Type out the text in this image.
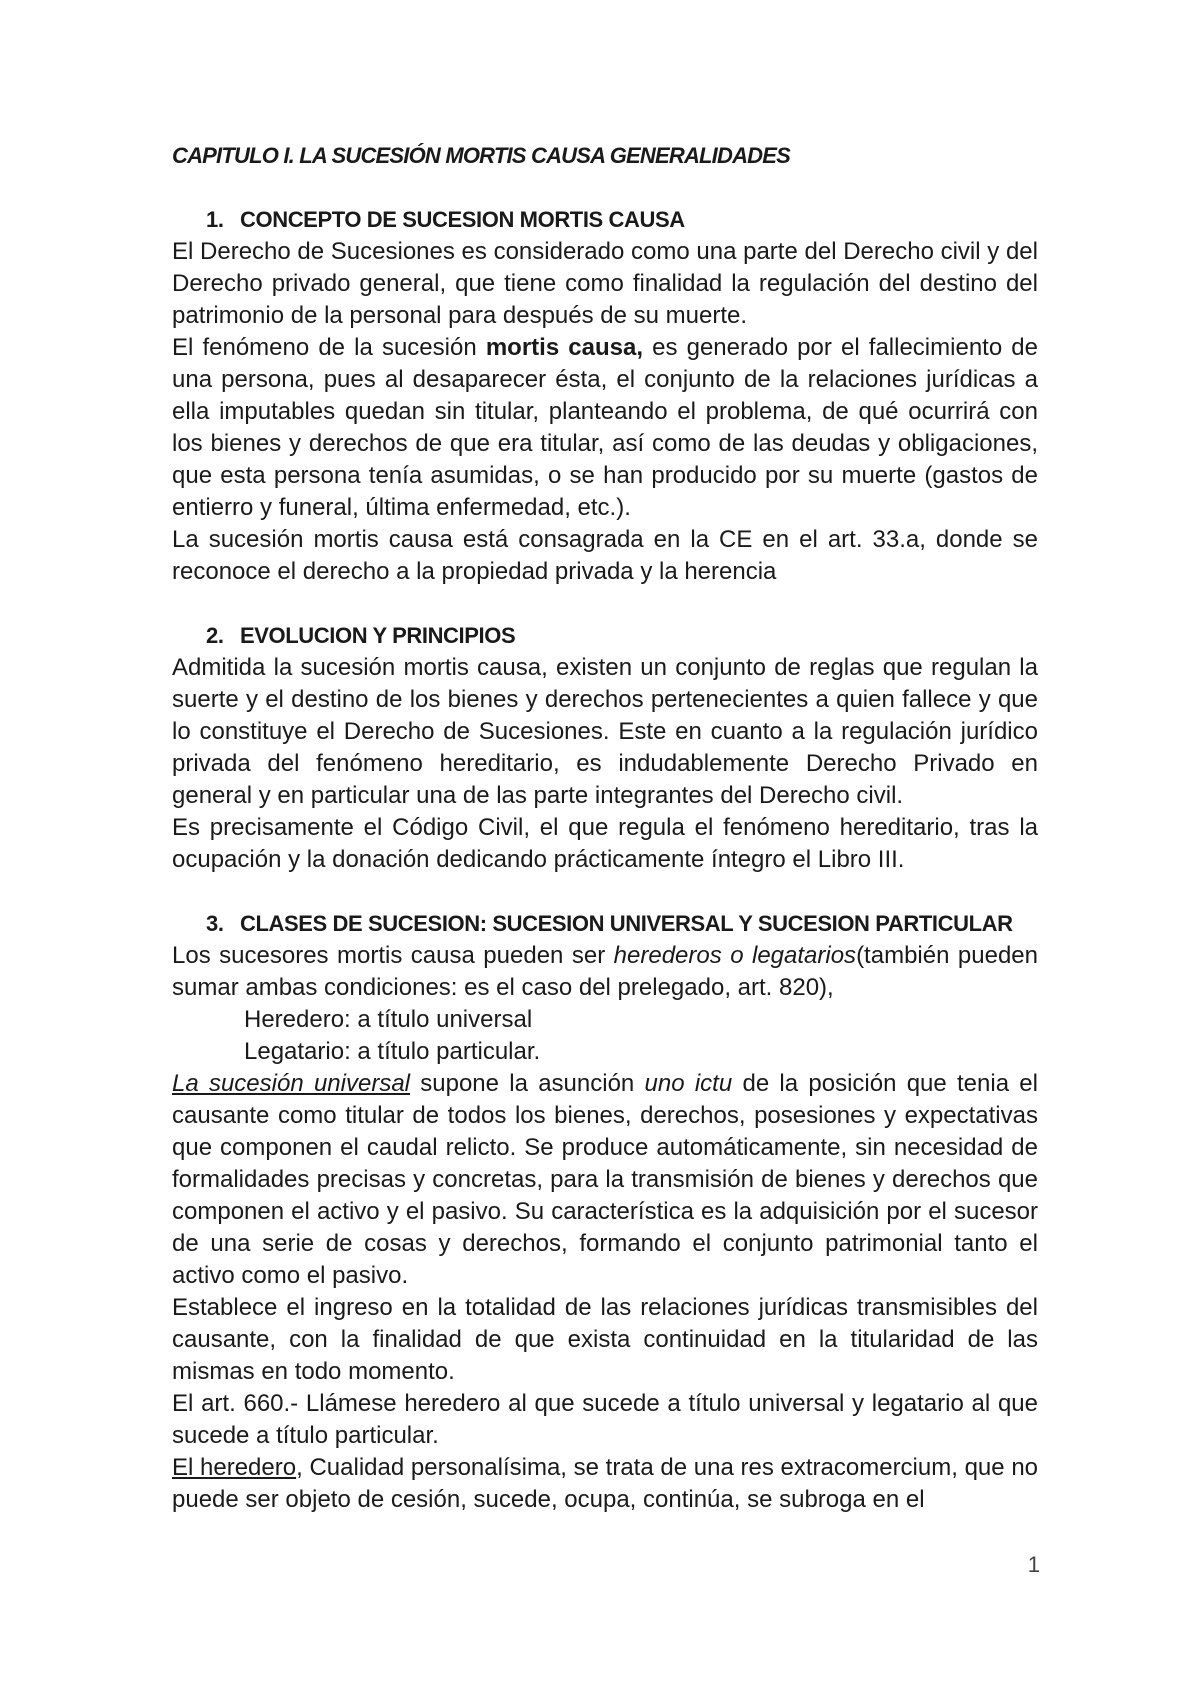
CAPITULO I. LA SUCESIÓN MORTIS CAUSA GENERALIDADES
1. CONCEPTO DE SUCESION MORTIS CAUSA

El Derecho de Sucesiones es considerado como una parte del Derecho civil y del Derecho privado general, que tiene como finalidad la regulación del destino del patrimonio de la personal para después de su muerte.

El fenómeno de la sucesión mortis causa, es generado por el fallecimiento de una persona, pues al desaparecer ésta, el conjunto de la relaciones jurídicas a ella imputables quedan sin titular, planteando el problema, de qué ocurrirá con los bienes y derechos de que era titular, así como de las deudas y obligaciones, que esta persona tenía asumidas, o se han producido por su muerte (gastos de entierro y funeral, última enfermedad, etc.).

La sucesión mortis causa está consagrada en la CE en el art. 33.a, donde se reconoce el derecho a la propiedad privada y la herencia

2. EVOLUCION Y PRINCIPIOS

Admitida la sucesión mortis causa, existen un conjunto de reglas que regulan la suerte y el destino de los bienes y derechos pertenecientes a quien fallece y que lo constituye el Derecho de Sucesiones. Este en cuanto a la regulación jurídico privada del fenómeno hereditario, es indudablemente Derecho Privado en general y en particular una de las parte integrantes del Derecho civil.

Es precisamente el Código Civil, el que regula el fenómeno hereditario, tras la ocupación y la donación dedicando prácticamente íntegro el Libro III.

3. CLASES DE SUCESION: SUCESION UNIVERSAL Y SUCESION PARTICULAR

Los sucesores mortis causa pueden ser herederos o legatarios(también pueden sumar ambas condiciones: es el caso del prelegado, art. 820),

Heredero: a título universal

Legatario: a título particular.

La sucesión universal supone la asunción uno ictu de la posición que tenia el causante como titular de todos los bienes, derechos, posesiones y expectativas que componen el caudal relicto. Se produce automáticamente, sin necesidad de formalidades precisas y concretas, para la transmisión de bienes y derechos que componen el activo y el pasivo. Su característica es la adquisición por el sucesor de una serie de cosas y derechos, formando el conjunto patrimonial tanto el activo como el pasivo.

Establece el ingreso en la totalidad de las relaciones jurídicas transmisibles del causante, con la finalidad de que exista continuidad en la titularidad de las mismas en todo momento.

El art. 660.- Llámese heredero al que sucede a título universal y legatario al que sucede a título particular.

El heredero, Cualidad personalísima, se trata de una res extracomercium, que no puede ser objeto de cesión, sucede, ocupa, continúa, se subroga en el

1
